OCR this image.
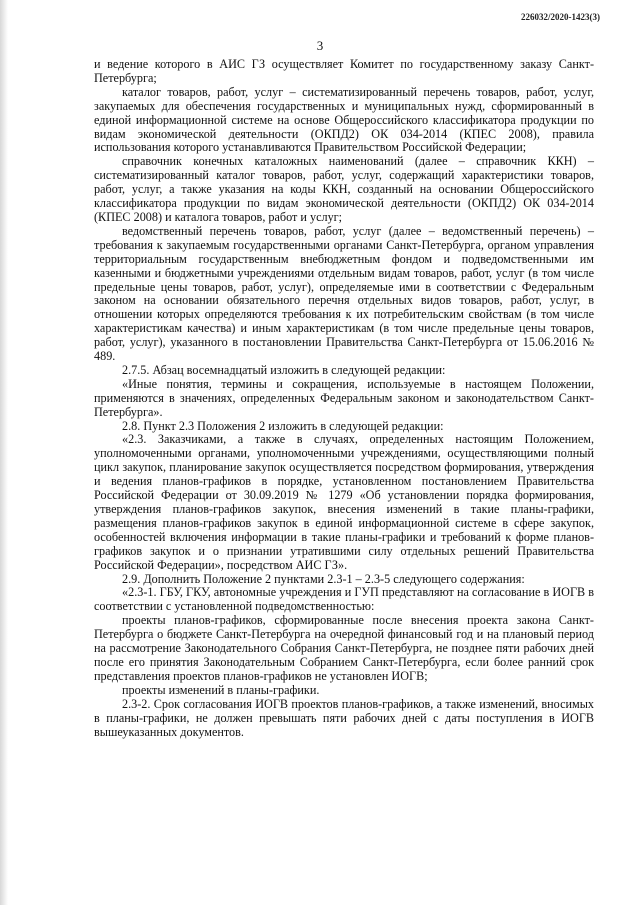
226032/2020-1423(3)
3

и ведение которого в АИС ГЗ осуществляет Комитет по государственному заказу Санкт-Петербурга;

каталог товаров, работ, услуг – систематизированный перечень товаров, работ, услуг, закупаемых для обеспечения государственных и муниципальных нужд, сформированный в единой информационной системе на основе Общероссийского классификатора продукции по видам экономической деятельности (ОКПД2) ОК 034-2014 (КПЕС 2008), правила использования которого устанавливаются Правительством Российской Федерации;

справочник конечных каталожных наименований (далее – справочник ККН) – систематизированный каталог товаров, работ, услуг, содержащий характеристики товаров, работ, услуг, а также указания на коды ККН, созданный на основании Общероссийского классификатора продукции по видам экономической деятельности (ОКПД2) ОК 034-2014 (КПЕС 2008) и каталога товаров, работ и услуг;

ведомственный перечень товаров, работ, услуг (далее – ведомственный перечень) – требования к закупаемым государственными органами Санкт-Петербурга, органом управления территориальным государственным внебюджетным фондом и подведомственными им казенными и бюджетными учреждениями отдельным видам товаров, работ, услуг (в том числе предельные цены товаров, работ, услуг), определяемые ими в соответствии с Федеральным законом на основании обязательного перечня отдельных видов товаров, работ, услуг, в отношении которых определяются требования к их потребительским свойствам (в том числе характеристикам качества) и иным характеристикам (в том числе предельные цены товаров, работ, услуг), указанного в постановлении Правительства Санкт-Петербурга от 15.06.2016 № 489.

2.7.5. Абзац восемнадцатый изложить в следующей редакции:

«Иные понятия, термины и сокращения, используемые в настоящем Положении, применяются в значениях, определенных Федеральным законом и законодательством Санкт-Петербурга».

2.8. Пункт 2.3 Положения 2 изложить в следующей редакции:

«2.3. Заказчиками, а также в случаях, определенных настоящим Положением, уполномоченными органами, уполномоченными учреждениями, осуществляющими полный цикл закупок, планирование закупок осуществляется посредством формирования, утверждения и ведения планов-графиков в порядке, установленном постановлением Правительства Российской Федерации от 30.09.2019 № 1279 «Об установлении порядка формирования, утверждения планов-графиков закупок, внесения изменений в такие планы-графики, размещения планов-графиков закупок в единой информационной системе в сфере закупок, особенностей включения информации в такие планы-графики и требований к форме планов-графиков закупок и о признании утратившими силу отдельных решений Правительства Российской Федерации», посредством АИС ГЗ».

2.9. Дополнить Положение 2 пунктами 2.3-1 – 2.3-5 следующего содержания:

«2.3-1. ГБУ, ГКУ, автономные учреждения и ГУП представляют на согласование в ИОГВ в соответствии с установленной подведомственностью:

проекты планов-графиков, сформированные после внесения проекта закона Санкт-Петербурга о бюджете Санкт-Петербурга на очередной финансовый год и на плановый период на рассмотрение Законодательного Собрания Санкт-Петербурга, не позднее пяти рабочих дней после его принятия Законодательным Собранием Санкт-Петербурга, если более ранний срок представления проектов планов-графиков не установлен ИОГВ;

проекты изменений в планы-графики.

2.3-2. Срок согласования ИОГВ проектов планов-графиков, а также изменений, вносимых в планы-графики, не должен превышать пяти рабочих дней с даты поступления в ИОГВ вышеуказанных документов.
